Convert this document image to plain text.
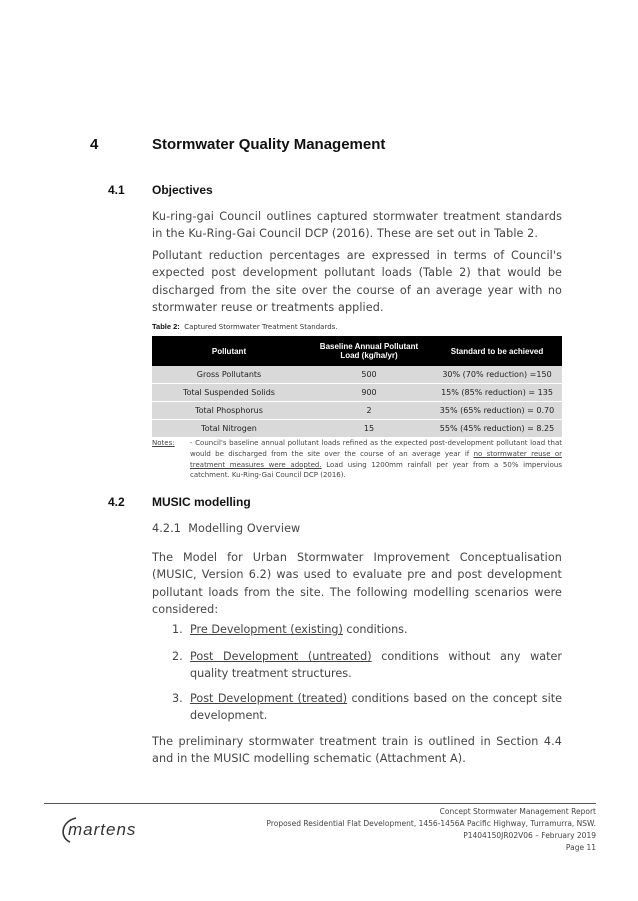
4	Stormwater Quality Management
4.1 Objectives
Ku-ring-gai Council outlines captured stormwater treatment standards in the Ku-Ring-Gai Council DCP (2016). These are set out in Table 2.
Pollutant reduction percentages are expressed in terms of Council's expected post development pollutant loads (Table 2) that would be discharged from the site over the course of an average year with no stormwater reuse or treatments applied.
Table 2: Captured Stormwater Treatment Standards.
Pollutant	Baseline Annual Pollutant Load (kg/ha/yr)	Standard to be achieved
Gross Pollutants	500	30% (70% reduction) =150
Total Suspended Solids	900	15% (85% reduction) = 135
Total Phosphorus	2	35% (65% reduction) = 0.70
Total Nitrogen	15	55% (45% reduction) = 8.25
Notes: - Council's baseline annual pollutant loads refined as the expected post-development pollutant load that would be discharged from the site over the course of an average year if no stormwater reuse or treatment measures were adopted. Load using 1200mm rainfall per year from a 50% impervious catchment. Ku-Ring-Gai Council DCP (2016).
4.2 MUSIC modelling
4.2.1 Modelling Overview
The Model for Urban Stormwater Improvement Conceptualisation (MUSIC, Version 6.2) was used to evaluate pre and post development pollutant loads from the site. The following modelling scenarios were considered:
1. Pre Development (existing) conditions.
2. Post Development (untreated) conditions without any water quality treatment structures.
3. Post Development (treated) conditions based on the concept site development.
The preliminary stormwater treatment train is outlined in Section 4.4 and in the MUSIC modelling schematic (Attachment A).
martens
Concept Stormwater Management Report
Proposed Residential Flat Development, 1456-1456A Pacific Highway, Turramurra, NSW.
P1404150JR02V06 – February 2019
Page 11
